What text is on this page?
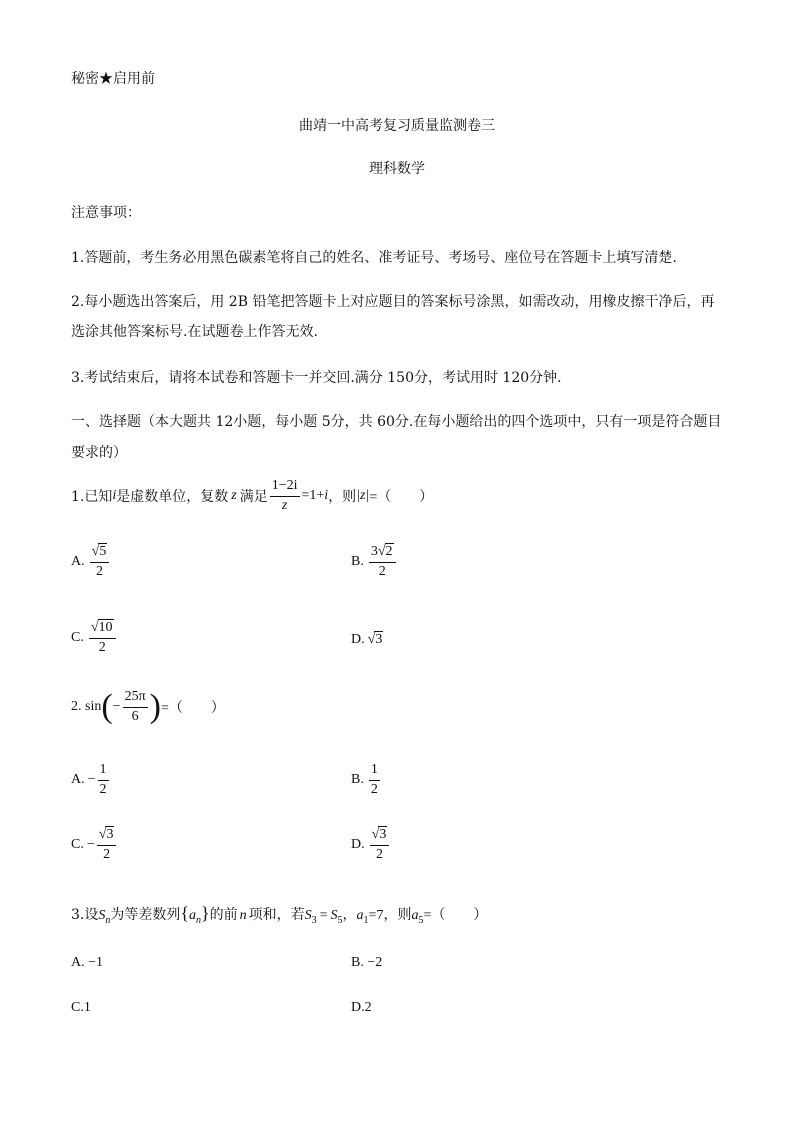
秘密★启用前
曲靖一中高考复习质量监测卷三
理科数学
注意事项：
1.答题前，考生务必用黑色碳素笔将自己的姓名、准考证号、考场号、座位号在答题卡上填写清楚.
2.每小题选出答案后，用 2B 铅笔把答题卡上对应题目的答案标号涂黑，如需改动，用橡皮擦干净后，再
选涂其他答案标号.在试题卷上作答无效.
3.考试结束后，请将本试卷和答题卡一并交回.满分 150分，考试用时 120分钟.
一、选择题（本大题共 12小题，每小题 5分，共 60分.在每小题给出的四个选项中，只有一项是符合题目
要求的）
1.已知 i 是虚数单位，复数 z 满足 $\frac{1-2i}{z} =1+ i$ ，则 |z| =（　　）
A. $\frac{√5}{2}$	B. $\frac{3√2}{2}$
C. $\frac{√10}{2}$	D. √3
2. sin ( − $\frac{25\pi}{6}$ ) =（　　）
A. − $\frac{1}{2}$	B. $\frac{1}{2}$
C. − $\frac{√3}{2}$	D. $\frac{√3}{2}$
3.设$S_n$为等差数列$\{a_n\}$的前 n 项和，若$S_3 = S_5$，$a_1=7$，则$a_5=$（　　）
A. −1	B. −2
C.1	D.2
